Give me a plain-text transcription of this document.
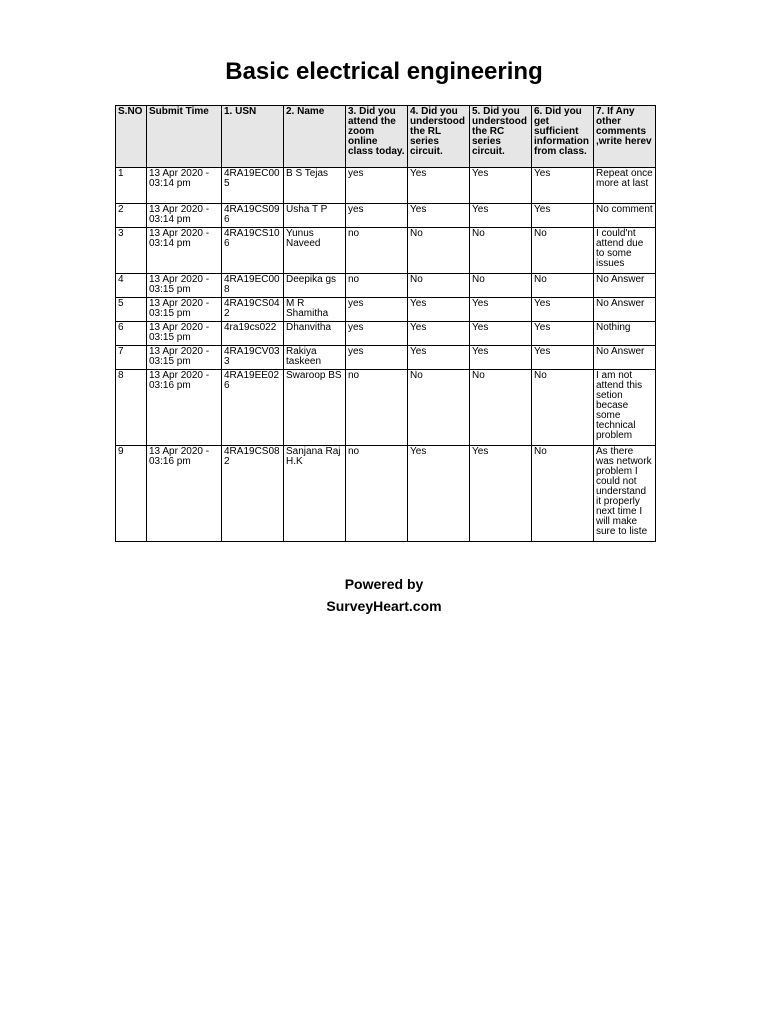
Basic electrical engineering
S.NO	Submit Time	1. USN	2. Name	3. Did you attend the zoom online class today.	4. Did you understood the RL series circuit.	5. Did you understood the RC series circuit.	6. Did you get sufficient information from class.	7. If Any other comments ,write herev
1	13 Apr 2020 - 03:14 pm	4RA19EC005	B S Tejas	yes	Yes	Yes	Yes	Repeat once more at last
2	13 Apr 2020 - 03:14 pm	4RA19CS096	Usha T P	yes	Yes	Yes	Yes	No comment
3	13 Apr 2020 - 03:14 pm	4RA19CS106	Yunus Naveed	no	No	No	No	I could'nt attend due to some issues
4	13 Apr 2020 - 03:15 pm	4RA19EC008	Deepika gs	no	No	No	No	No Answer
5	13 Apr 2020 - 03:15 pm	4RA19CS042	M R Shamitha	yes	Yes	Yes	Yes	No Answer
6	13 Apr 2020 - 03:15 pm	4ra19cs022	Dhanvitha	yes	Yes	Yes	Yes	Nothing
7	13 Apr 2020 - 03:15 pm	4RA19CV033	Rakiya taskeen	yes	Yes	Yes	Yes	No Answer
8	13 Apr 2020 - 03:16 pm	4RA19EE026	Swaroop BS	no	No	No	No	I am not attend this setion becase some technical problem
9	13 Apr 2020 - 03:16 pm	4RA19CS082	Sanjana Raj H.K	no	Yes	Yes	No	As there was network problem I could not understand it properly next time I will make sure to liste
Powered by
SurveyHeart.com
